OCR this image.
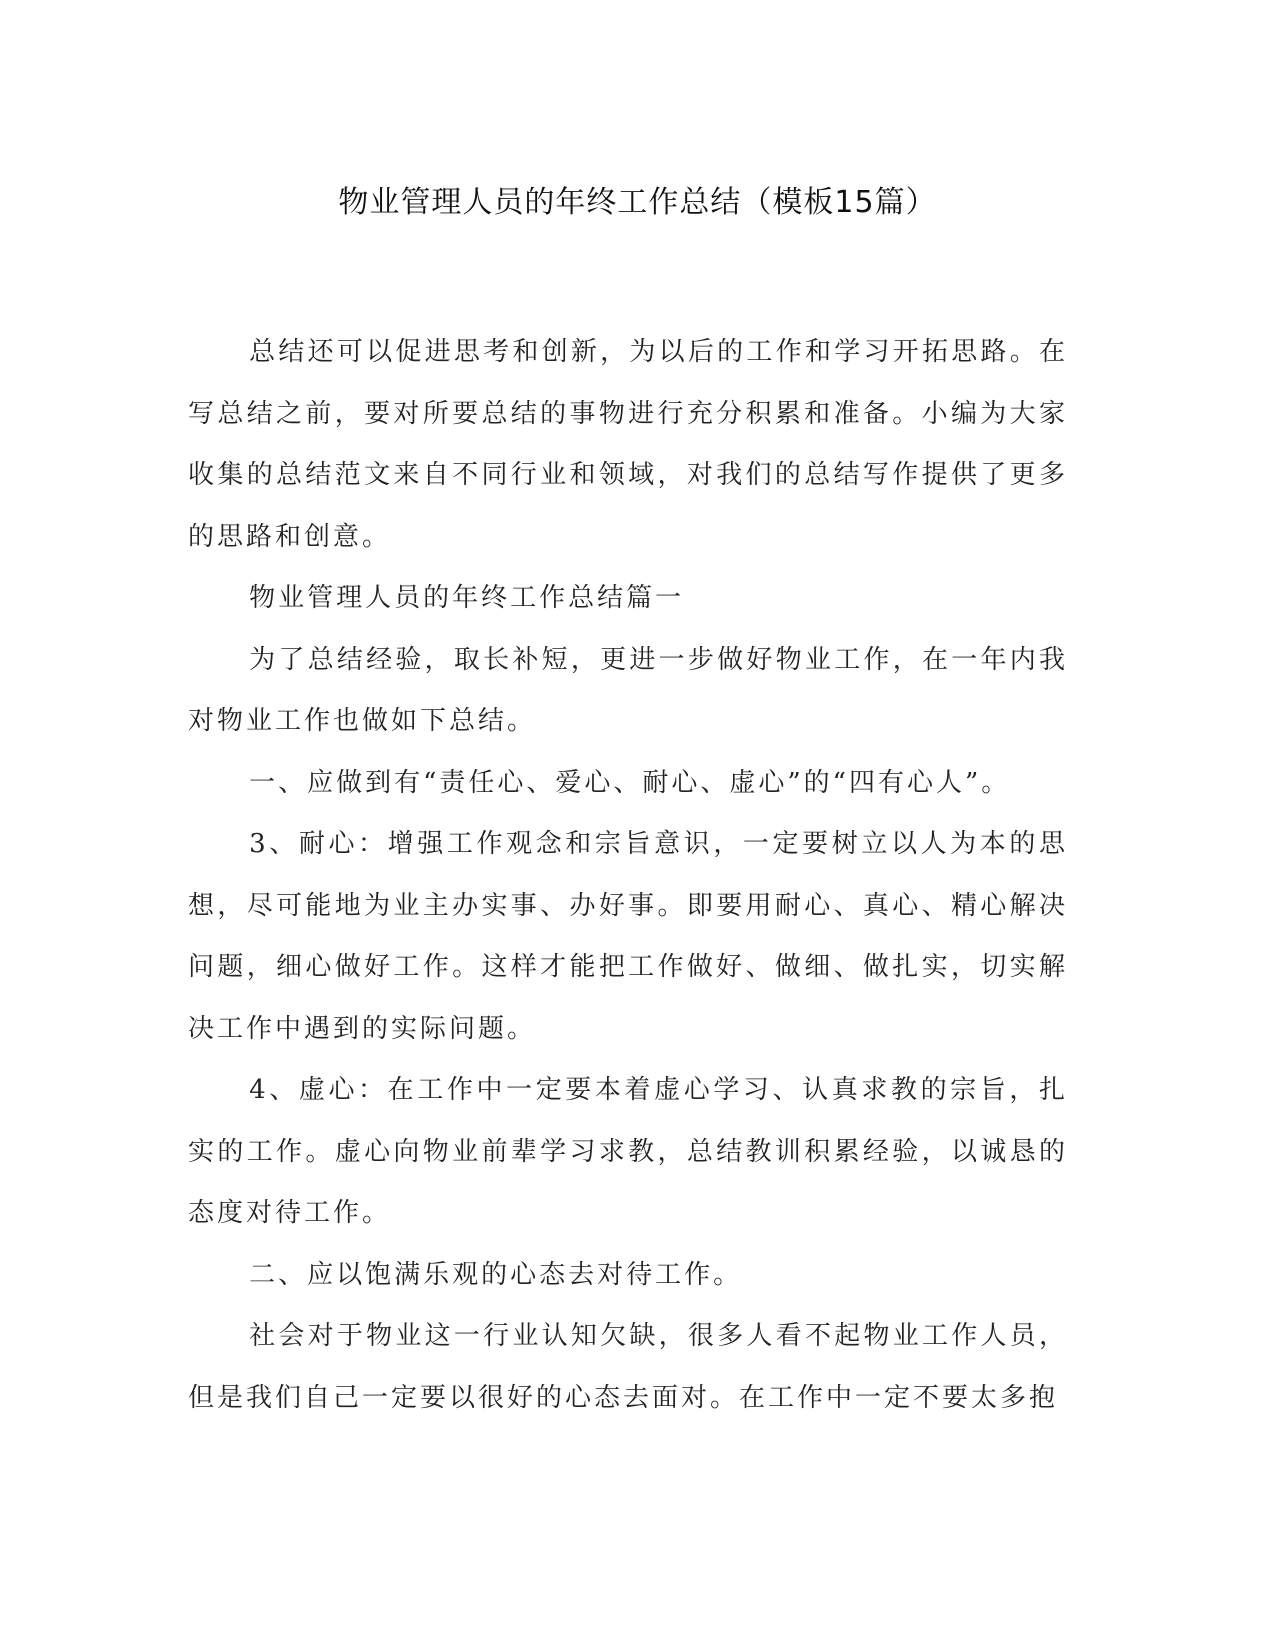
物业管理人员的年终工作总结（模板15篇）

总结还可以促进思考和创新，为以后的工作和学习开拓思路。在写总结之前，要对所要总结的事物进行充分积累和准备。小编为大家收集的总结范文来自不同行业和领域，对我们的总结写作提供了更多的思路和创意。

物业管理人员的年终工作总结篇一

为了总结经验，取长补短，更进一步做好物业工作，在一年内我对物业工作也做如下总结。

一、应做到有“责任心、爱心、耐心、虚心”的“四有心人”。

3、耐心：增强工作观念和宗旨意识，一定要树立以人为本的思想，尽可能地为业主办实事、办好事。即要用耐心、真心、精心解决问题，细心做好工作。这样才能把工作做好、做细、做扎实，切实解决工作中遇到的实际问题。

4、虚心：在工作中一定要本着虚心学习、认真求教的宗旨，扎实的工作。虚心向物业前辈学习求教，总结教训积累经验，以诚恳的态度对待工作。

二、应以饱满乐观的心态去对待工作。

社会对于物业这一行业认知欠缺，很多人看不起物业工作人员，但是我们自己一定要以很好的心态去面对。在工作中一定不要太多抱
